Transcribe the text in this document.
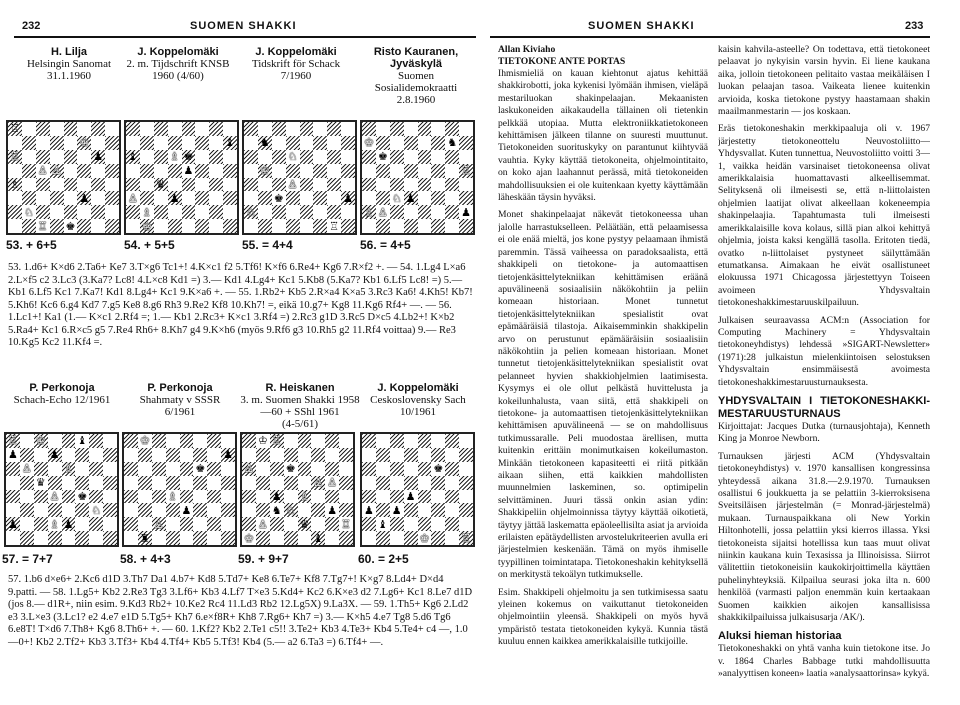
232	SUOMEN SHAKKI	SUOMEN SHAKKI	233
H. Lilja
Helsingin Sanomat
31.1.1960
J. Koppelomäki
2. m. Tijdschrift KNSB
1960 (4/60)
J. Koppelomäki
Tidskrift för Schack
7/1960
Risto Kauranen, Jyväskylä
Suomen Sosialidemokraatti
2.8.1960
♖
♔
♖	♟
♙ ♙
♗
♟
♘
♖ ♚
♝
♝	♗ ♚
♟
♛
♙	♟
♗
♔
♞
♘
♔
♙
♚	♟
♘
♖
♔	♞
♚
♖
♘ ♟
♗ ♙	♟
53. + 6+5	54. + 5+5	55. = 4+4	56. = 4+5
53. 1.d6+ K×d6 2.Ta6+ Ke7 3.T×g6 Tc1+! 4.K×c1 f2 5.Tf6! K×f6 6.Re4+ Kg6 7.R×f2 +. — 54. 1.Lg4 L×a6 2.L×f5 c2 3.Lc3 (3.Ka7? Lc8! 4.L×c8 Kd1 =) 3.— Kd1 4.Lg4+ Kc1 5.Kb8 (5.Ka7? Kb1 6.Lf5 Lc8! =) 5.— Kb1 6.Lf5 Kc1 7.Ka7! Kd1 8.Lg4+ Kc1 9.K×a6 +. — 55. 1.Rb2+ Kb5 2.R×a4 K×a5 3.Rc3 Ka6! 4.Kh5! Kb7! 5.Kh6! Kc6 6.g4 Kd7 7.g5 Ke8 8.g6 Rh3 9.Re2 Kf8 10.Kh7! =, eikä 10.g7+ Kg8 11.Kg6 Rf4+ —. — 56. 1.Lc1+! Ka1 (1.— K×c1 2.Rf4 =; 1.— Kb1 2.Rc3+ K×c1 3.Rf4 =) 2.Rc3 g1D 3.Rc5 D×c5 4.Lb2+! K×b2 5.Ra4+ Kc1 6.R×c5 g5 7.Re4 Rh6+ 8.Kh7 g4 9.K×h6 (myös 9.Rf6 g3 10.Rh5 g2 11.Rf4 voittaa) 9.— Re3 10.Kg5 Kc2 11.Kf4 =.
P. Perkonoja
Schach-Echo 12/1961
P. Perkonoja
Shahmaty v SSSR
6/1961
R. Heiskanen
3. m. Suomen Shakki 1958—60 + SShl 1961
(4-5/61)
J. Koppelomäki
Ceskoslovensky Sach
10/1961
♖ ♔	♝
♟	♟
♙	♗
♛
♙ ♚
♘
♟	♗ ♟
♔
♟
♚
♗
♟
♙
♜
♔ ♖
♙	♚
♙ ♙
♟ ♗
♞ ♘	♟
♙	♛	♖
♔	♝
♚
♟
♟ ♟
♝
♔	♖
57. = 7+7	58. + 4+3	59. + 9+7	60. = 2+5
57. 1.b6 d×e6+ 2.Kc6 d1D 3.Th7 Da1 4.b7+ Kd8 5.Td7+ Ke8 6.Te7+ Kf8 7.Tg7+! K×g7 8.Ld4+ D×d4 9.patti. — 58. 1.Lg5+ Kb2 2.Re3 Tg3 3.Lf6+ Kb3 4.Lf7 T×e3 5.Kd4+ Kc2 6.K×e3 d2 7.Lg6+ Kc1 8.Le7 d1D (jos 8.— d1R+, niin esim. 9.Kd3 Rb2+ 10.Ke2 Rc4 11.Ld3 Rb2 12.Lg5X) 9.La3X. — 59. 1.Th5+ Kg6 2.Ld2 e3 3.L×e3 (3.Lc1? e2 4.e7 e1D 5.Tg5+ Kh7 6.e×f8R+ Kh8 7.Rg6+ Kh7 =) 3.— K×h5 4.e7 Tg8 5.d6 Tg6 6.e8T! T×d6 7.Th8+ Kg6 8.Th6+ +. — 60. 1.Kf2? Kb2 2.Te1 c5!! 3.Te2+ Kb3 4.Te3+ Kb4 5.Te4+ c4 —, 1.0—0+! Kb2 2.Tf2+ Kb3 3.Tf3+ Kb4 4.Tf4+ Kb5 5.Tf3! Kb4 (5.— a2 6.Ta3 =) 6.Tf4+ —.
Allan Kiviaho
TIETOKONE ANTE PORTAS

Ihmismieliä on kauan kiehtonut ajatus kehittää shakkirobotti, joka kykenisi lyömään ihmisen, vieläpä mestariluokan shakinpelaajan. Mekaanisten laskukoneiden aikakaudella tällainen oli tietenkin pelkkää utopiaa. Mutta elektroniikkatietokoneen kehittämisen jälkeen tilanne on suuresti muuttunut. Tietokoneiden suorituskyky on parantunut kiihtyvää vauhtia. Kyky käyttää tietokoneita, ohjelmointitaito, on koko ajan laahannut perässä, mitä tietokoneiden mahdollisuuksien ei ole kuitenkaan kyetty käyttämään läheskään täysin hyväksi.

Monet shakinpelaajat näkevät tietokoneessa uhan jalolle harrastukselleen. Peläätään, että pelaamisessa ei ole enää mieltä, jos kone pystyy pelaamaan ihmistä paremmin. Tässä vaiheessa on paradoksaalista, että shakkipeli on tietokone- ja automaattisen tietojenkäsittelytekniikan kehittämisen eräänä apuvälineenä sosiaalisiin näkökohtiin ja peliin komeaan historiaan. Monet tunnetut tietojenkäsittelytekniikan spesialistit ovat epämääräisiä tilastoja. Aikaisemminkin shakkipelin arvo on perustunut epämääräisiin sosiaalisiin näkökohtiin ja pelien komeaan historiaan. Monet tunnetut tietojenkäsittelytekniikan spesialistit ovat pelanneet hyvien shakkiohjelmien laatimisesta. Kysymys ei ole ollut pelkästä huvittelusta ja kokeilunhalusta, vaan siitä, että shakkipeli on tietokone- ja automaattisen tietojenkäsittelytekniikan kehittämisen apuvälineenä — se on mahdollisuus tutkimussaralle. Peli muodostaa ärellisen, mutta kuitenkin erittäin monimutkaisen kokeilumaston. Minkään tietokoneen kapasiteetti ei riitä pitkään aikaan siihen, että kaikkien mahdollisten muunnelmien laskeminen, so. optimipelin selvittäminen. Juuri tässä onkin asian ydin: Shakkipeliin ohjelmoinnissa täytyy käyttää oikotietä, täytyy jättää laskematta epäoleellisilta asiat ja arvioida erilaisten epätäydellisten arvostelukriteerien avulla eri järjestelmien keskenään. Tämä on myös ihmiselle tyypillinen toimintatapa. Tietokoneshakin kehityksellä on merkitystä tekoälyn tutkimukselle.

Esim. Shakkipeli ohjelmoitu ja sen tutkimisessa saatu yleinen kokemus on vaikuttanut tietokoneiden ohjelmointiin yleensä. Shakkipeli on myös hyvä ympäristö testata tietokoneiden kykyä. Kunnia tästä kuuluu ennen kaikkea amerikkalaisille tutkijoille.

kaisin kahvila-asteelle? On todettava, että tietokoneet pelaavat jo nykyisin varsin hyvin. Ei liene kaukana aika, jolloin tietokoneen pelitaito vastaa meikäläisen I luokan pelaajan tasoa. Vaikeata lienee kuitenkin arvioida, koska tietokone pystyy haastamaan shakin maailmanmestarin — jos koskaan.

Eräs tietokoneshakin merkkipaaluja oli v. 1967 järjestetty tietokoneottelu Neuvostoliitto—Yhdysvallat. Kuten tunnettua, Neuvostoliitto voitti 3—1, vaikka heidän varsinaiset tietokoneensa olivat amerikkalaisia huomattavasti alkeellisemmat. Selityksenä oli ilmeisesti se, että n-liittolaisten ohjelmien laatijat olivat alkeellaan kokeneempia shakinpelaajia. Tapahtumasta tuli ilmeisesti amerikkalaisille kova kolaus, sillä pian alkoi kehittyä ohjelmia, joista kaksi kengällä tasolla. Eritoten tiedä, ovatko n-liittolaiset pystyneet säilyttämään etumatkansa. Aimakaan he eivät osallistuneet elokuussa 1971 Chicagossa järjestettyyn Toiseen avoimeen Yhdysvaltain tietokoneshakkimestaruuskilpailuun.

Julkaisen seuraavassa ACM:n (Association for Computing Machinery = Yhdysvaltain tietokoneyhdistys) lehdessä »SIGART-Newsletter» (1971):28 julkaistun mielenkiintoisen selostuksen Yhdysvaltain ensimmäisestä avoimesta tietokoneshakkimestaruusturnauksesta.

YHDYSVALTAIN I TIETOKONESHAKKI-MESTARUUSTURNAUS

Kirjoittajat: Jacques Dutka (turnausjohtaja), Kenneth King ja Monroe Newborn.

Turnauksen järjesti ACM (Yhdysvaltain tietokoneyhdistys) v. 1970 kansallisen kongressinsa yhteydessä aikana 31.8.—2.9.1970. Turnauksen osallistui 6 joukkuetta ja se pelattiin 3-kierroksisena Sveitsiläisen järjestelmän (= Monrad-järjestelmä) mukaan. Turnauspaikkana oli New Yorkin Hiltonhotelli, jossa pelattiin yksi kierros illassa. Yksi tietokoneista sijaitsi hotellissa kun taas muut olivat niinkin kaukana kuin Texasissa ja Illinoisissa. Siirrot välitettiin tietokoneisiin kaukokirjoittimella käyttäen puhelinyhteyksiä. Kilpailua seurasi joka ilta n. 600 henkilöä (varmasti paljon enemmän kuin kertaakaan Suomen kaikkien aikojen kansallisissa shakkikilpailuissa julkaisusarja /AK/).

Aluksi hieman historiaa

Tietokoneshakki on yhtä vanha kuin tietokone itse. Jo v. 1864 Charles Babbage tutki mahdollisuutta »analyyttisen koneen» laatia »analysaattorinsa» kykyä.
